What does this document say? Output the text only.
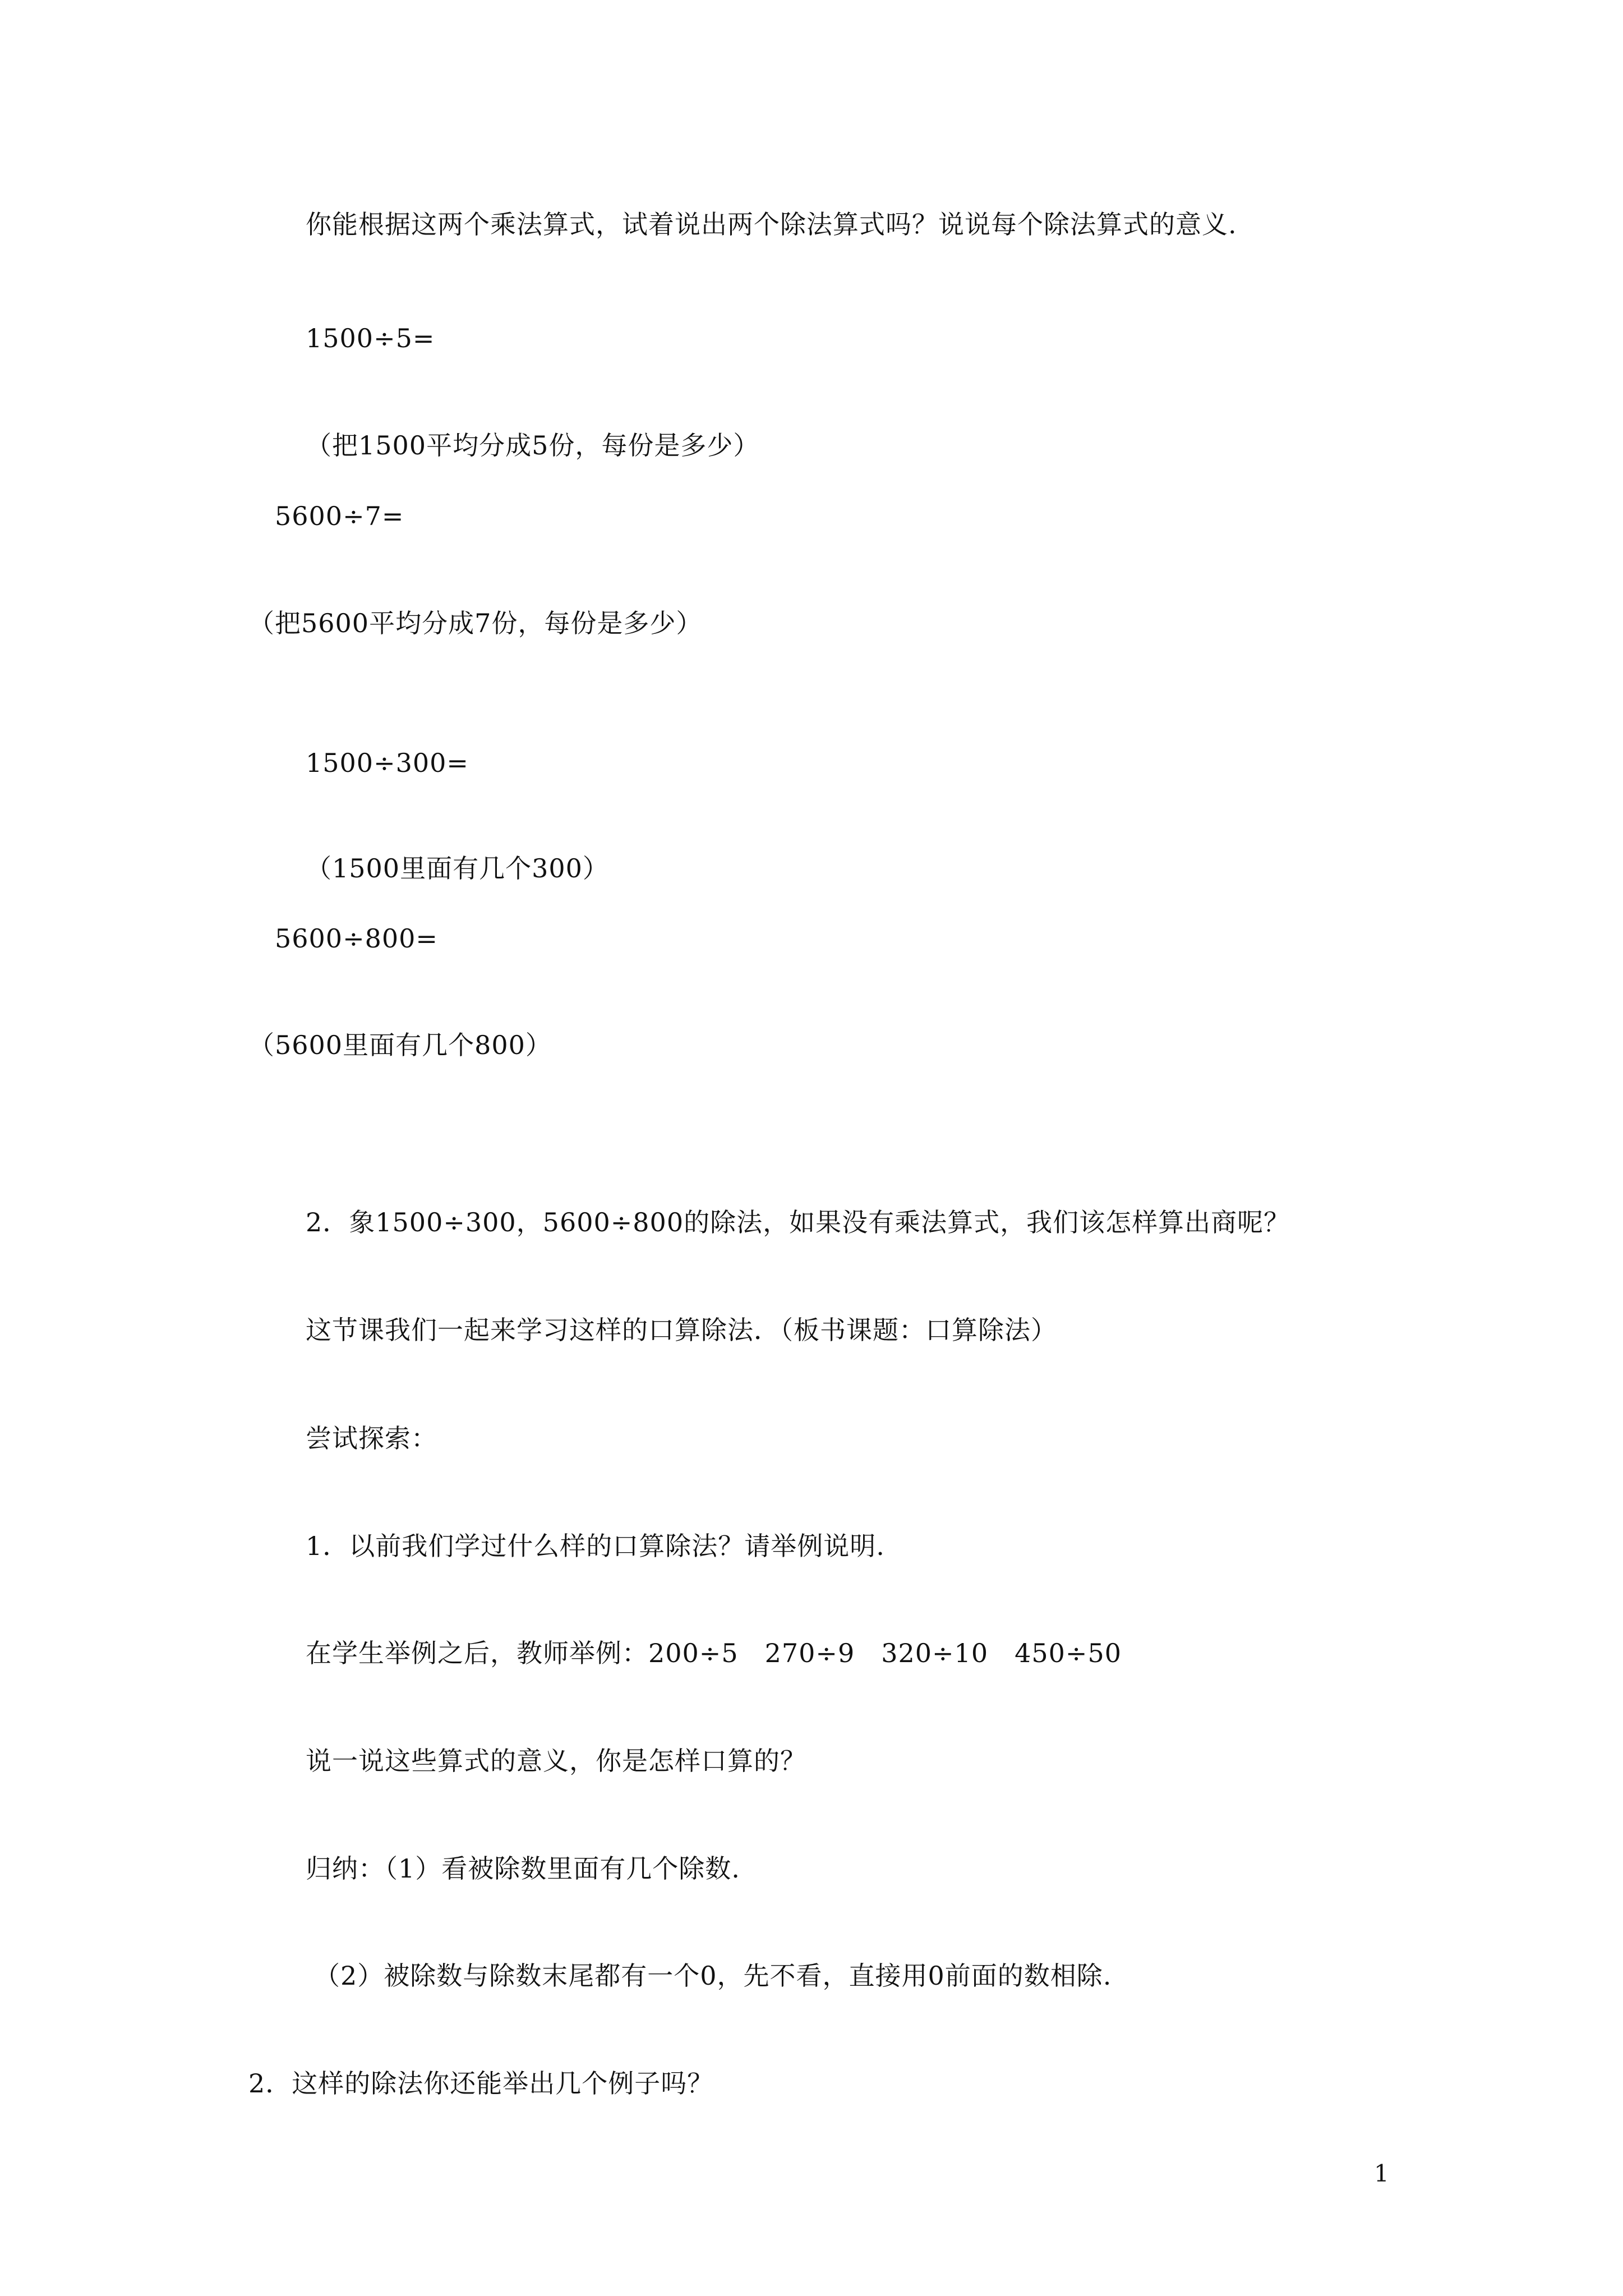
你能根据这两个乘法算式，试着说出两个除法算式吗？说说每个除法算式的意义.
1500÷5=
（把1500平均分成5份，每份是多少）
5600÷7=
（把5600平均分成7份，每份是多少）
1500÷300=
（1500里面有几个300）
5600÷800=
（5600里面有几个800）
2．象1500÷300，5600÷800的除法，如果没有乘法算式，我们该怎样算出商呢？
这节课我们一起来学习这样的口算除法．（板书课题：口算除法）
尝试探索：
1．以前我们学过什么样的口算除法？请举例说明.
在学生举例之后，教师举例：200÷5　270÷9　320÷10　450÷50
说一说这些算式的意义，你是怎样口算的？
归纳：（1）看被除数里面有几个除数.
（2）被除数与除数末尾都有一个0，先不看，直接用0前面的数相除.
2．这样的除法你还能举出几个例子吗？
1
